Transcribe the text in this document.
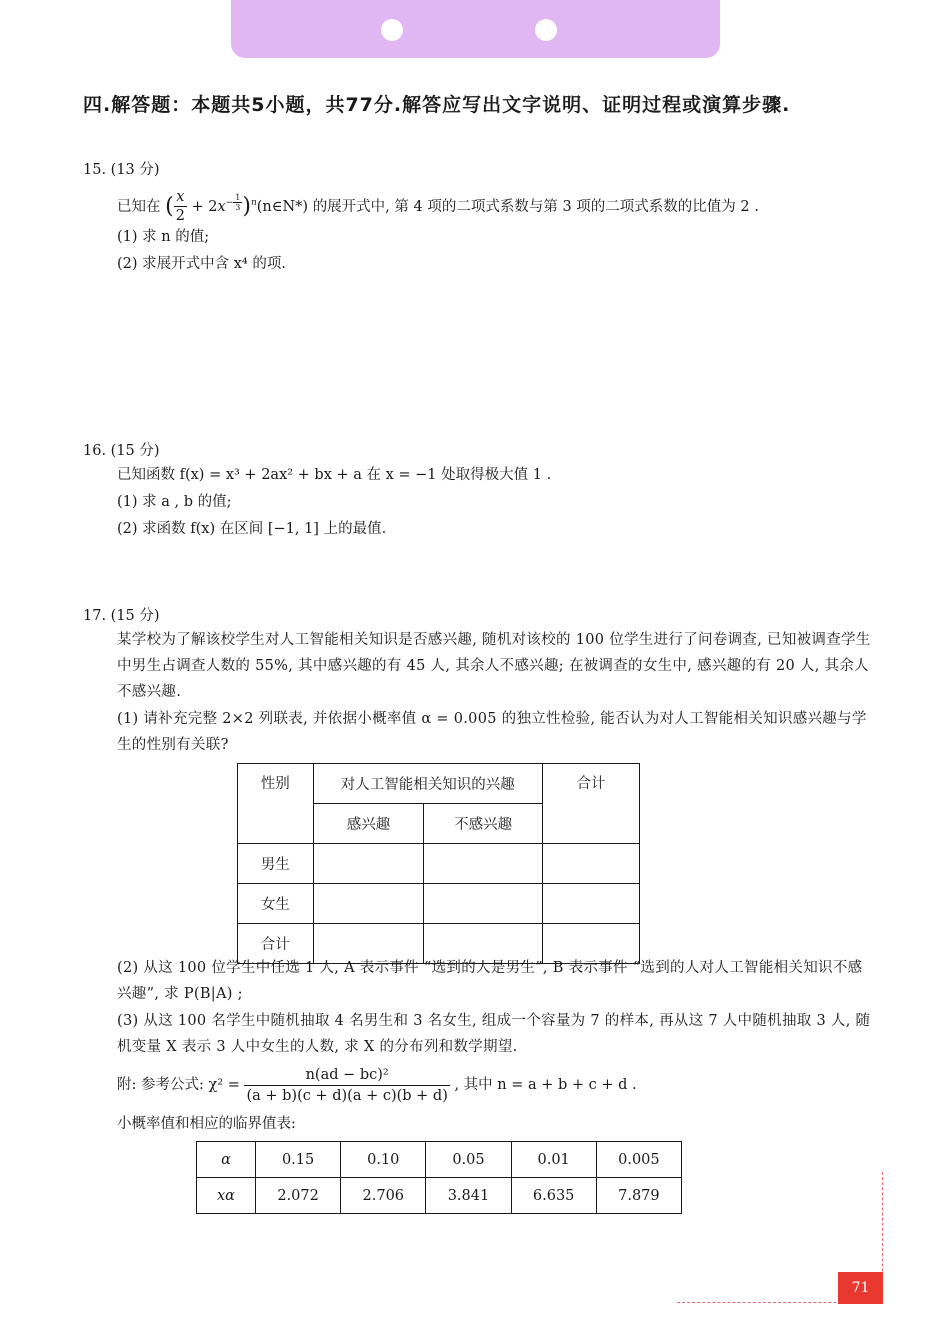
四.解答题：本题共5小题，共77分.解答应写出文字说明、证明过程或演算步骤.
15. (13 分)
已知在 ( $\frac{x}{2} + 2x^{- \frac{1}{3}}$ )$^n$(n∈N*) 的展开式中, 第 4 项的二项式系数与第 3 项的二项式系数的比值为 2 .
(1) 求 n 的值;
(2) 求展开式中含 x⁴ 的项.
16. (15 分)
已知函数 f(x) = x³ + 2ax² + bx + a 在 x = −1 处取得极大值 1 .
(1) 求 a , b 的值;
(2) 求函数 f(x) 在区间 [−1, 1] 上的最值.
17. (15 分)
某学校为了解该校学生对人工智能相关知识是否感兴趣, 随机对该校的 100 位学生进行了问卷调查, 已知被调查学生中男生占调查人数的 55%, 其中感兴趣的有 45 人, 其余人不感兴趣; 在被调查的女生中, 感兴趣的有 20 人, 其余人不感兴趣.
(1) 请补充完整 2×2 列联表, 并依据小概率值 α = 0.005 的独立性检验, 能否认为对人工智能相关知识感兴趣与学生的性别有关联?
性别	对人工智能相关知识的兴趣		合计
	感兴趣	不感兴趣	
男生			
女生			
合计			
(2) 从这 100 位学生中任选 1 人, A 表示事件 “选到的人是男生”, B 表示事件 “选到的人对人工智能相关知识不感兴趣”, 求 P(B|A) ;
(3) 从这 100 名学生中随机抽取 4 名男生和 3 名女生, 组成一个容量为 7 的样本, 再从这 7 人中随机抽取 3 人, 随机变量 X 表示 3 人中女生的人数, 求 X 的分布列和数学期望.
附: 参考公式: $\chi^2 = \frac{\text{n(ad − bc)²}}{(a + b)(c + d)(a + c)(b + d)}$ , 其中 n = a + b + c + d .
小概率值和相应的临界值表:
α	0.15	0.10	0.05	0.01	0.005
xα	2.072	2.706	3.841	6.635	7.879
71
